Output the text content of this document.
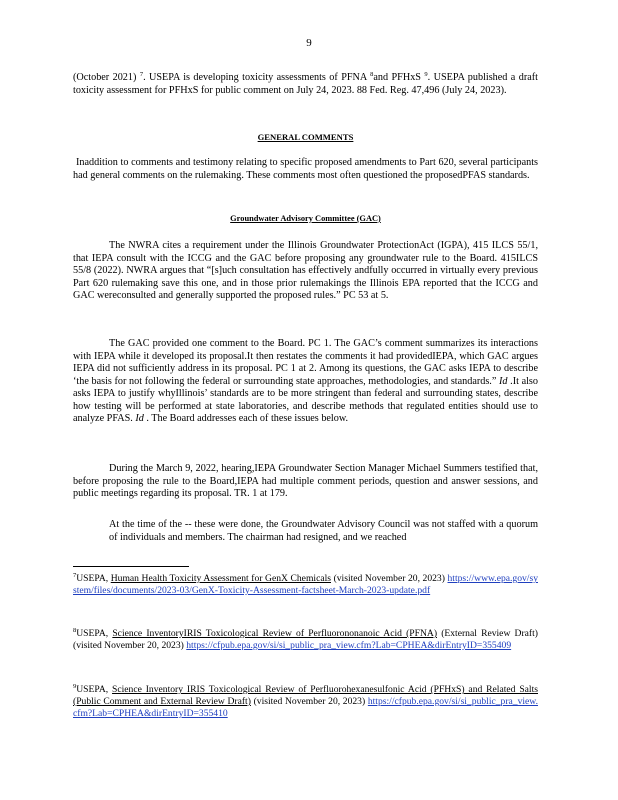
9

(October 2021) $^7$. USEPA is developing toxicity assessments of PFNA $^8$and PFHxS $^9$. USEPA published a draft toxicity assessment for PFHxS for public comment on July 24, 2023. 88 Fed. Reg. 47,496 (July 24, 2023).

GENERAL COMMENTS

Inaddition to comments and testimony relating to specific proposed amendments to Part 620, several participants had general comments on the rulemaking. These comments most often questioned the proposedPFAS standards.

Groundwater Advisory Committee (GAC)

The NWRA cites a requirement under the Illinois Groundwater ProtectionAct (IGPA), 415 ILCS 55/1, that IEPA consult with the ICCG and the GAC before proposing any groundwater rule to the Board. 415ILCS 55/8 (2022). NWRA argues that “[s]uch consultation has effectively andfully occurred in virtually every previous Part 620 rulemaking save this one, and in those prior rulemakings the Illinois EPA reported that the ICCG and GAC wereconsulted and generally supported the proposed rules.” PC 53 at 5.

The GAC provided one comment to the Board. PC 1. The GAC’s comment summarizes its interactions with IEPA while it developed its proposal.It then restates the comments it had providedIEPA, which GAC argues IEPA did not sufficiently address in its proposal. PC 1 at 2. Among its questions, the GAC asks IEPA to describe ‘the basis for not following the federal or surrounding state approaches, methodologies, and standards.” Id .It also asks IEPA to justify whyIllinois’ standards are to be more stringent than federal and surrounding states, describe how testing will be performed at state laboratories, and describe methods that regulated entities should use to analyze PFAS. Id . The Board addresses each of these issues below.

During the March 9, 2022, hearing,IEPA Groundwater Section Manager Michael Summers testified that, before proposing the rule to the Board,IEPA had multiple comment periods, question and answer sessions, and public meetings regarding its proposal. TR. 1 at 179.

At the time of the -- these were done, the Groundwater Advisory Council was not staffed with a quorum of individuals and members. The chairman had resigned, and we reached

$^7$USEPA, Human Health Toxicity Assessment for GenX Chemicals (visited November 20, 2023) https://www.epa.gov/system/files/documents/2023-03/GenX-Toxicity-Assessment-factsheet-March-2023-update.pdf

$^8$USEPA, Science InventoryIRIS Toxicological Review of Perfluorononanoic Acid (PFNA) (External Review Draft) (visited November 20, 2023) https://cfpub.epa.gov/si/si_public_pra_view.cfm?Lab=CPHEA&dirEntryID=355409

$^9$USEPA, Science Inventory IRIS Toxicological Review of Perfluorohexanesulfonic Acid (PFHxS) and Related Salts (Public Comment and External Review Draft) (visited November 20, 2023) https://cfpub.epa.gov/si/si_public_pra_view.cfm?Lab=CPHEA&dirEntryID=355410
